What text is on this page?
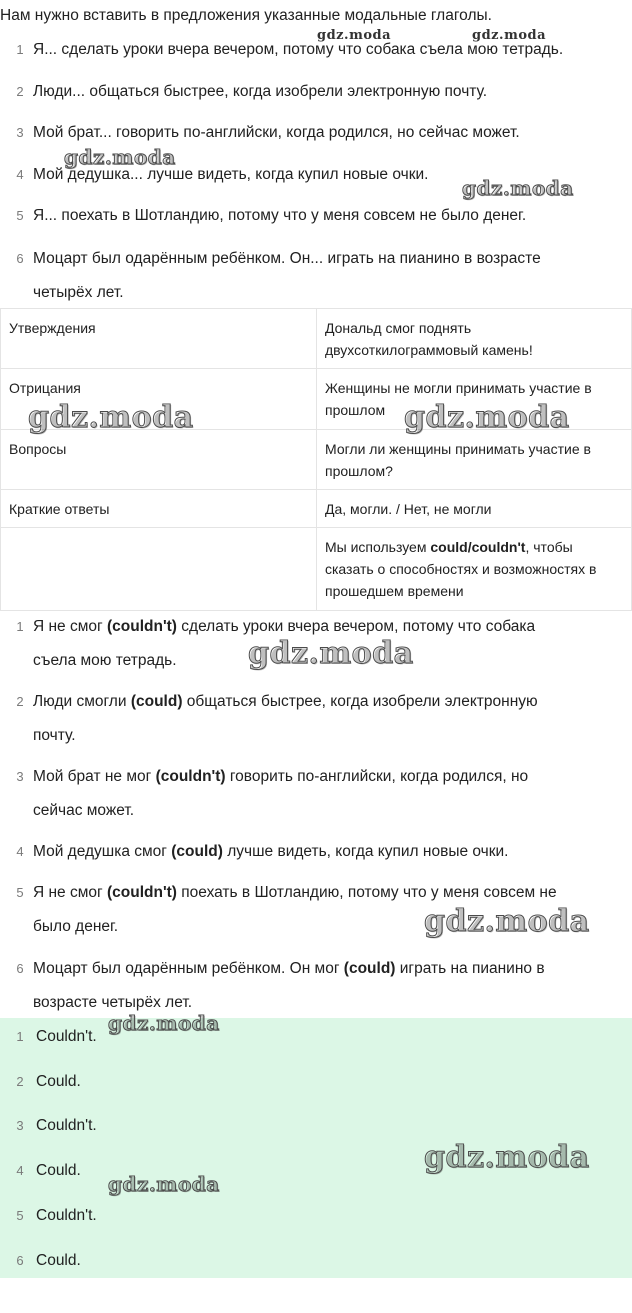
Нам нужно вставить в предложения указанные модальные глаголы.

1 Я... сделать уроки вчера вечером, потому что собака съела мою тетрадь.
2 Люди... общаться быстрее, когда изобрели электронную почту.
3 Мой брат... говорить по-английски, когда родился, но сейчас может.
4 Мой дедушка... лучше видеть, когда купил новые очки.
5 Я... поехать в Шотландию, потому что у меня совсем не было денег.
6 Моцарт был одарённым ребёнком. Он... играть на пианино в возрасте
четырёх лет.
Утверждения	Дональд смог поднять двухсоткилограммовый камень!
Отрицания	Женщины не могли принимать участие в прошлом
Вопросы	Могли ли женщины принимать участие в прошлом?
Краткие ответы	Да, могли. / Нет, не могли
	Мы используем could/couldn't, чтобы сказать о способностях и возможностях в прошедшем времени
1 Я не смог (couldn't) сделать уроки вчера вечером, потому что собака
съела мою тетрадь.
2 Люди смогли (could) общаться быстрее, когда изобрели электронную
почту.
3 Мой брат не мог (couldn't) говорить по-английски, когда родился, но
сейчас может.
4 Мой дедушка смог (could) лучше видеть, когда купил новые очки.
5 Я не смог (couldn't) поехать в Шотландию, потому что у меня совсем не
было денег.
6 Моцарт был одарённым ребёнком. Он мог (could) играть на пианино в
возрасте четырёх лет.
1 Couldn't.
2 Could.
3 Couldn't.
4 Could.
5 Couldn't.
6 Could.
gdz.moda	gdz.moda
gdz.moda
gdz.moda
gdz.moda	gdz.moda
gdz.moda
gdz.moda
